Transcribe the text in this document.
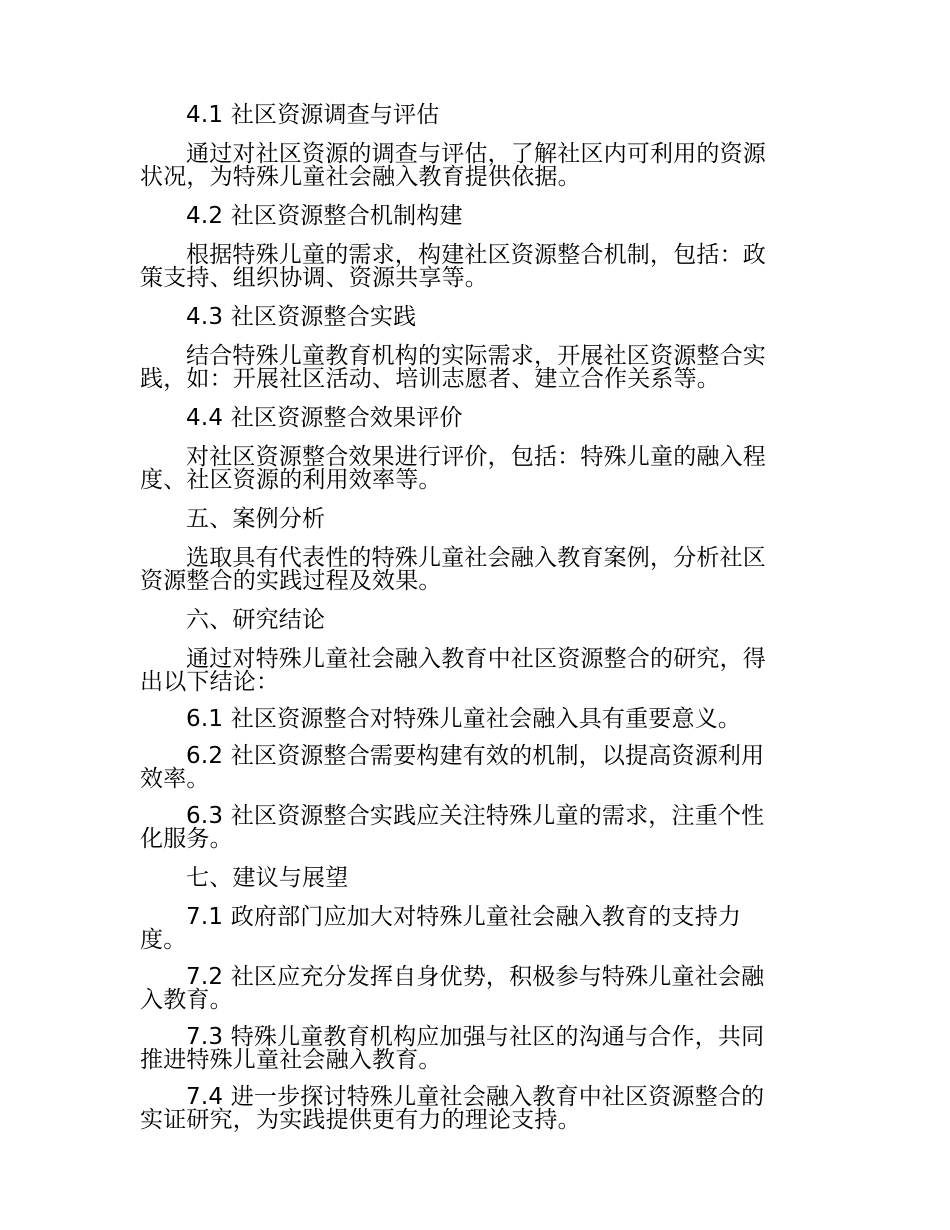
4.1 社区资源调查与评估
通过对社区资源的调查与评估，了解社区内可利用的资源
状况，为特殊儿童社会融入教育提供依据。
4.2 社区资源整合机制构建
根据特殊儿童的需求，构建社区资源整合机制，包括：政
策支持、组织协调、资源共享等。
4.3 社区资源整合实践
结合特殊儿童教育机构的实际需求，开展社区资源整合实
践，如：开展社区活动、培训志愿者、建立合作关系等。
4.4 社区资源整合效果评价
对社区资源整合效果进行评价，包括：特殊儿童的融入程
度、社区资源的利用效率等。
五、案例分析
选取具有代表性的特殊儿童社会融入教育案例，分析社区
资源整合的实践过程及效果。
六、研究结论
通过对特殊儿童社会融入教育中社区资源整合的研究，得
出以下结论：
6.1 社区资源整合对特殊儿童社会融入具有重要意义。
6.2 社区资源整合需要构建有效的机制，以提高资源利用
效率。
6.3 社区资源整合实践应关注特殊儿童的需求，注重个性
化服务。
七、建议与展望
7.1 政府部门应加大对特殊儿童社会融入教育的支持力
度。
7.2 社区应充分发挥自身优势，积极参与特殊儿童社会融
入教育。
7.3 特殊儿童教育机构应加强与社区的沟通与合作，共同
推进特殊儿童社会融入教育。
7.4 进一步探讨特殊儿童社会融入教育中社区资源整合的
实证研究，为实践提供更有力的理论支持。
